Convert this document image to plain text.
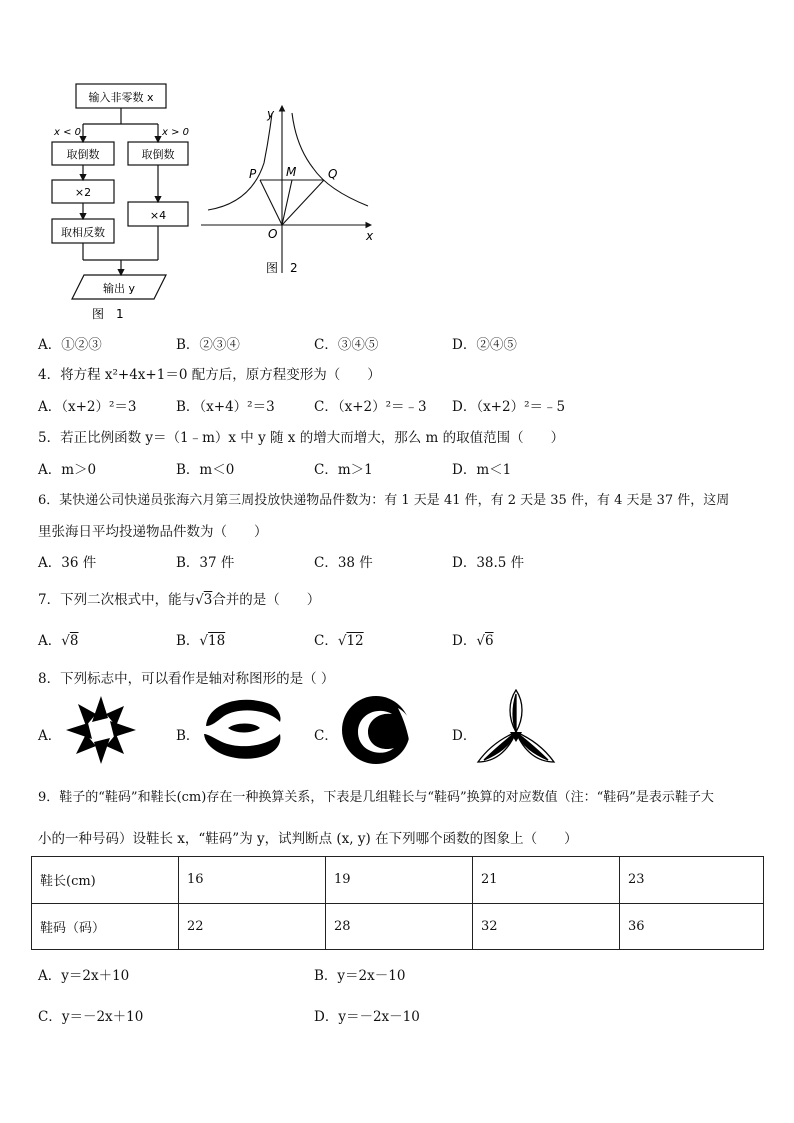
输入非零数 x
x < 0	x > 0
取倒数	取倒数
×2
×4
取相反数
输出 y
图　1
y
x
P M	Q
O
图　2
A．①②③	B．②③④	C．③④⑤	D．②④⑤
4．将方程 x²+4x+1＝0 配方后，原方程变形为（　　）
A．（x+2）²＝3	B．（x+4）²＝3	C．（x+2）²＝﹣3 D．（x+2）²＝﹣5
5．若正比例函数 y＝（1﹣m）x 中 y 随 x 的增大而增大，那么 m 的取值范围（　　）
A．m＞0	B．m＜0	C．m＞1	D．m＜1
6．某快递公司快递员张海六月第三周投放快递物品件数为：有 1 天是 41 件，有 2 天是 35 件，有 4 天是 37 件，这周
里张海日平均投递物品件数为（　　）
A．36 件	B．37 件	C．38 件	D．38.5 件
7．下列二次根式中，能与√3合并的是（　　）
A．√8	B．√18	C．√12	D．√6
8．下列标志中，可以看作是轴对称图形的是（ ）
A．	B．	C．	D．
9．鞋子的“鞋码”和鞋长(cm)存在一种换算关系，下表是几组鞋长与“鞋码”换算的对应数值（注：“鞋码”是表示鞋子大
小的一种号码）设鞋长 x，“鞋码”为 y，试判断点 (x, y) 在下列哪个函数的图象上（　　）
鞋长(cm)	16	19	21	23
鞋码（码）	22	28	32	36
A．y＝2x＋10	B．y＝2x－10
C．y＝－2x＋10	D．y＝－2x－10
